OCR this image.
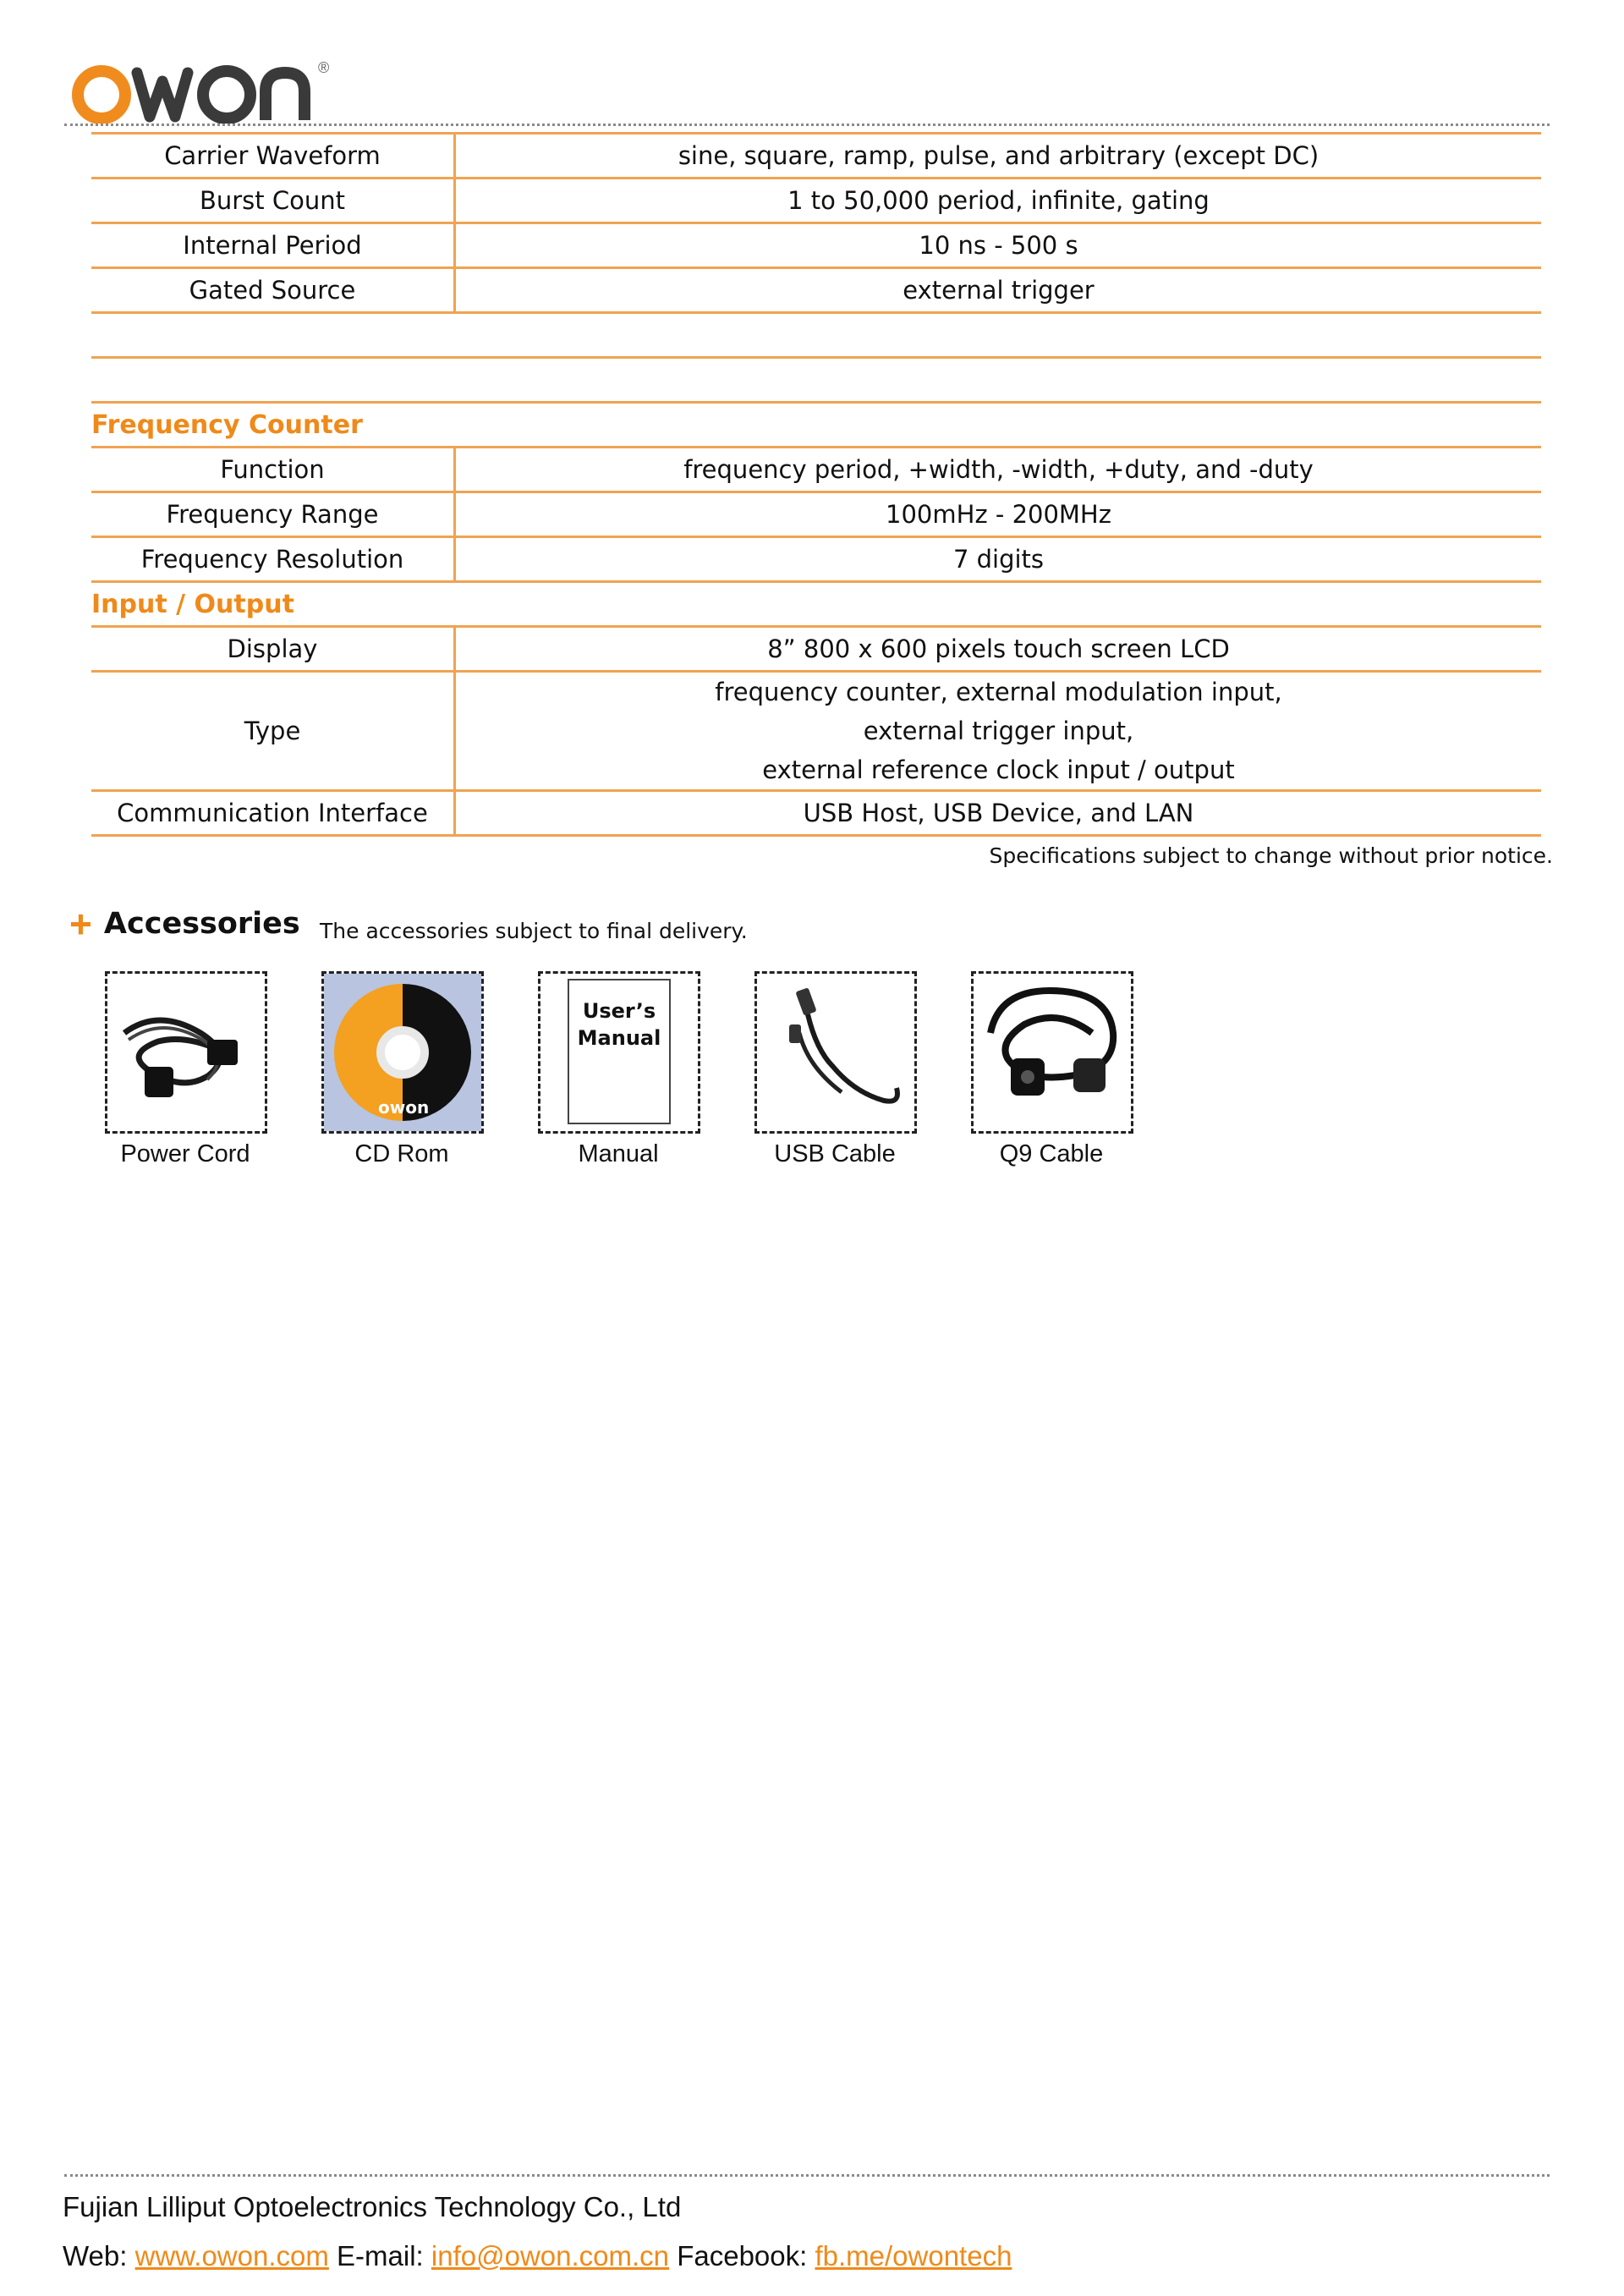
®
Carrier Waveform	sine, square, ramp, pulse, and arbitrary (except DC)
Burst Count	1 to 50,000 period, infinite, gating
Internal Period	10 ns - 500 s
Gated Source	external trigger

Frequency Counter	
Function	frequency period, +width, -width, +duty, and -duty
Frequency Range	100mHz - 200MHz
Frequency Resolution	7 digits
Input / Output	
Display	8” 800 x 600 pixels touch screen LCD
Type	frequency counter, external modulation input,
external trigger input,
external reference clock input / output

Communication Interface	USB Host, USB Device, and LAN
Specifications subject to change without prior notice.
+ Accessories The accessories subject to final delivery.
Power Cord
owon
CD Rom
User’s
Manual
Manual	USB Cable	Q9 Cable
Fujian Lilliput Optoelectronics Technology Co., Ltd
Web: www.owon.com E-mail: info@owon.com.cn Facebook: fb.me/owontech
